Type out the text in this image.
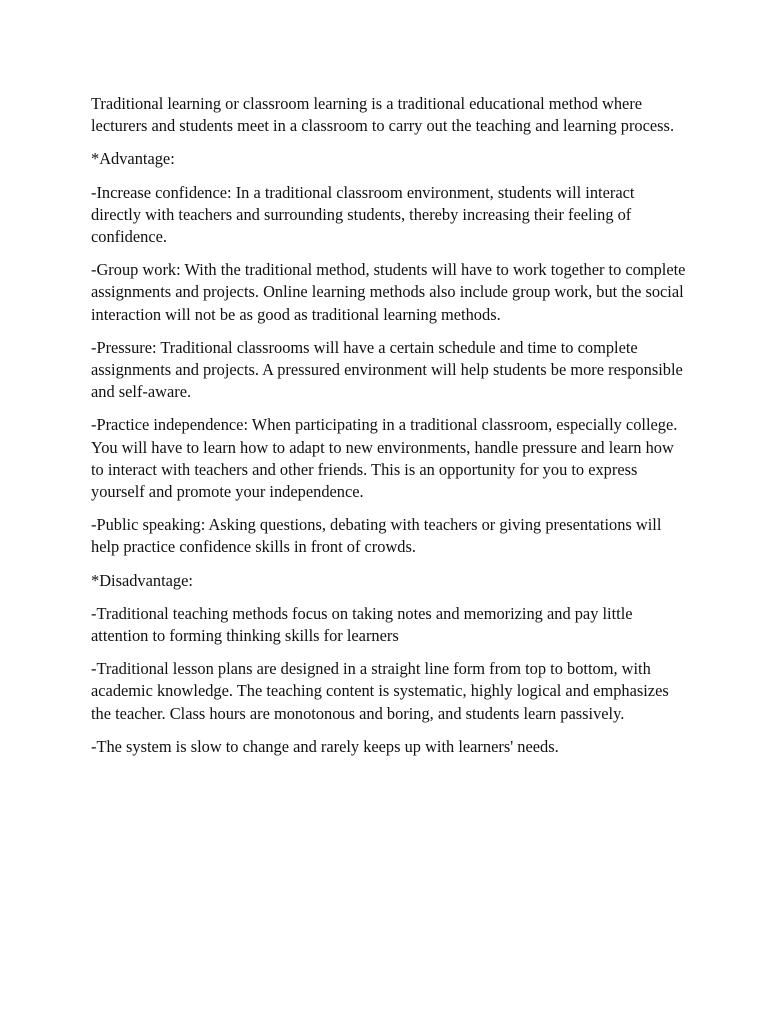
Traditional learning or classroom learning is a traditional educational method where lecturers and students meet in a classroom to carry out the teaching and learning process.

*Advantage:

-Increase confidence: In a traditional classroom environment, students will interact directly with teachers and surrounding students, thereby increasing their feeling of confidence.

-Group work: With the traditional method, students will have to work together to complete assignments and projects. Online learning methods also include group work, but the social interaction will not be as good as traditional learning methods.

-Pressure: Traditional classrooms will have a certain schedule and time to complete assignments and projects. A pressured environment will help students be more responsible and self-aware.

-Practice independence: When participating in a traditional classroom, especially college. You will have to learn how to adapt to new environments, handle pressure and learn how to interact with teachers and other friends. This is an opportunity for you to express yourself and promote your independence.

-Public speaking: Asking questions, debating with teachers or giving presentations will help practice confidence skills in front of crowds.

*Disadvantage:

-Traditional teaching methods focus on taking notes and memorizing and pay little attention to forming thinking skills for learners

-Traditional lesson plans are designed in a straight line form from top to bottom, with academic knowledge. The teaching content is systematic, highly logical and emphasizes the teacher. Class hours are monotonous and boring, and students learn passively.

-The system is slow to change and rarely keeps up with learners' needs.
